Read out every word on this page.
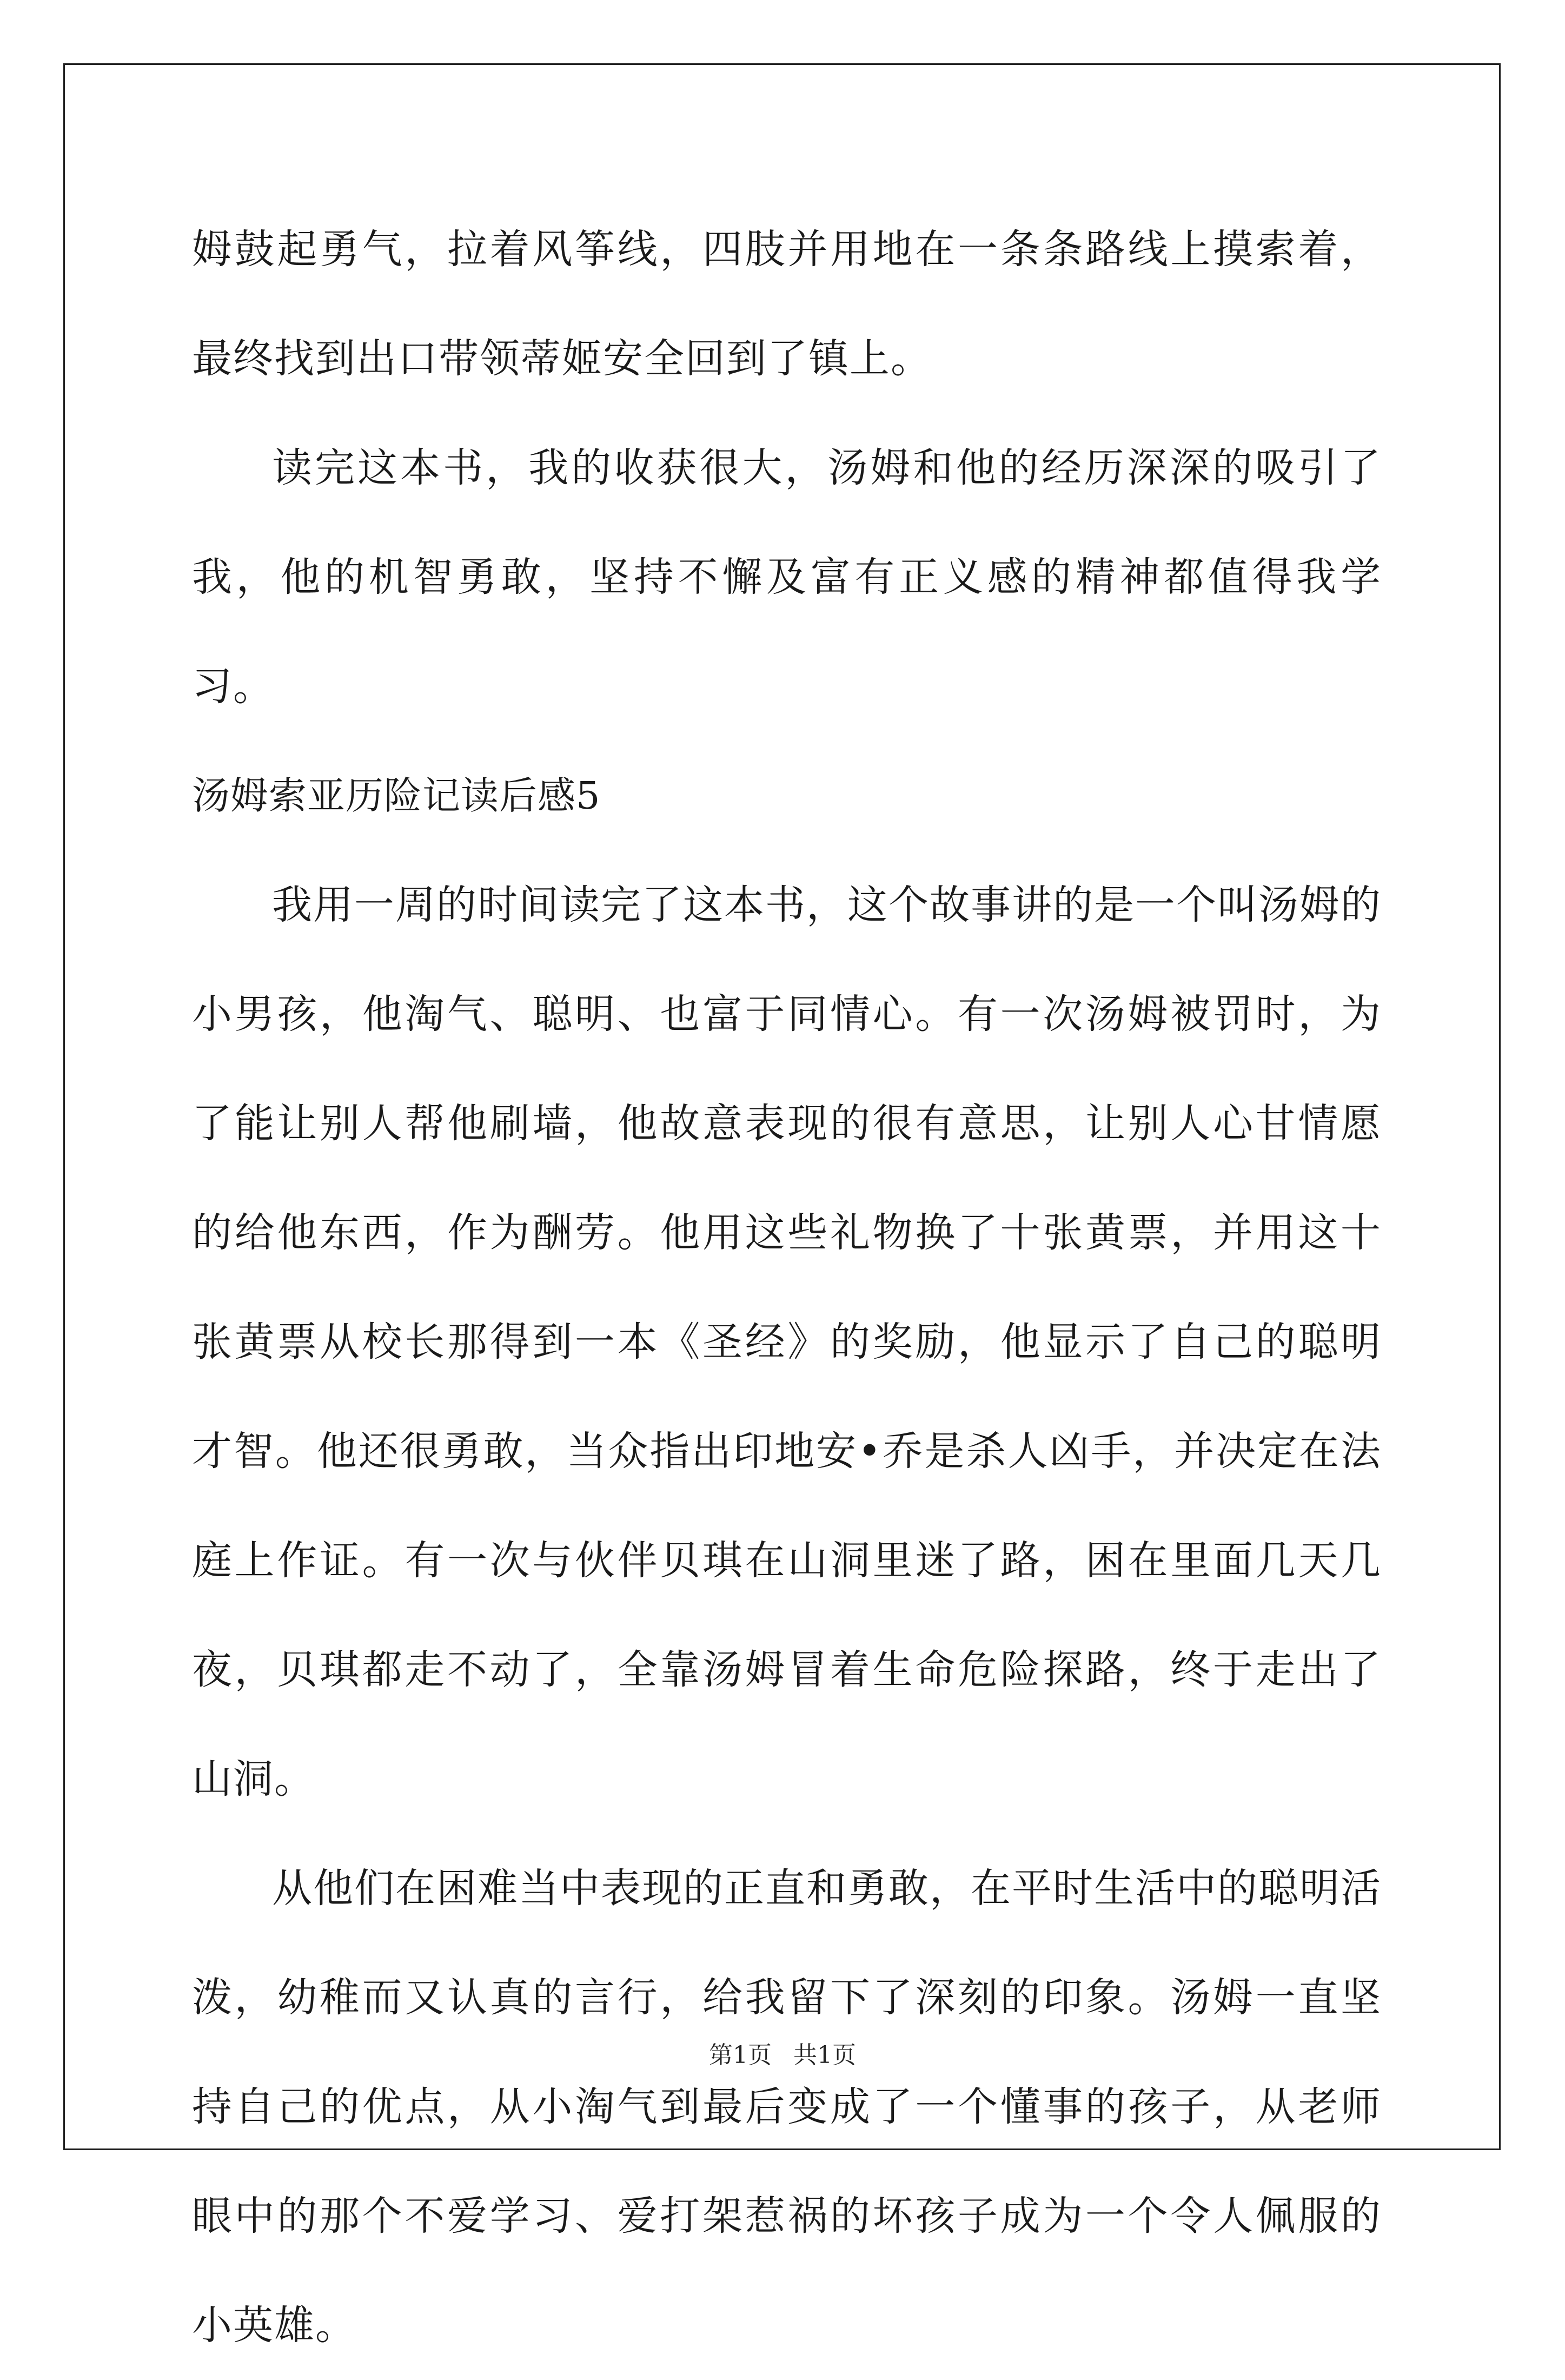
姆鼓起勇气，拉着风筝线，四肢并用地在一条条路线上摸索着，最终找到出口带领蒂姬安全回到了镇上。

读完这本书，我的收获很大，汤姆和他的经历深深的吸引了我，他的机智勇敢，坚持不懈及富有正义感的精神都值得我学习。

汤姆索亚历险记读后感5

我用一周的时间读完了这本书，这个故事讲的是一个叫汤姆的小男孩，他淘气、聪明、也富于同情心。有一次汤姆被罚时，为了能让别人帮他刷墙，他故意表现的很有意思，让别人心甘情愿的给他东西，作为酬劳。他用这些礼物换了十张黄票，并用这十张黄票从校长那得到一本《圣经》的奖励，他显示了自己的聪明才智。他还很勇敢，当众指出印地安•乔是杀人凶手，并决定在法庭上作证。有一次与伙伴贝琪在山洞里迷了路，困在里面几天几夜，贝琪都走不动了，全靠汤姆冒着生命危险探路，终于走出了山洞。

从他们在困难当中表现的正直和勇敢，在平时生活中的聪明活泼，幼稚而又认真的言行，给我留下了深刻的印象。汤姆一直坚持自己的优点，从小淘气到最后变成了一个懂事的孩子，从老师眼中的那个不爱学习、爱打架惹祸的坏孩子成为一个令人佩服的小英雄。

第1页 共1页
